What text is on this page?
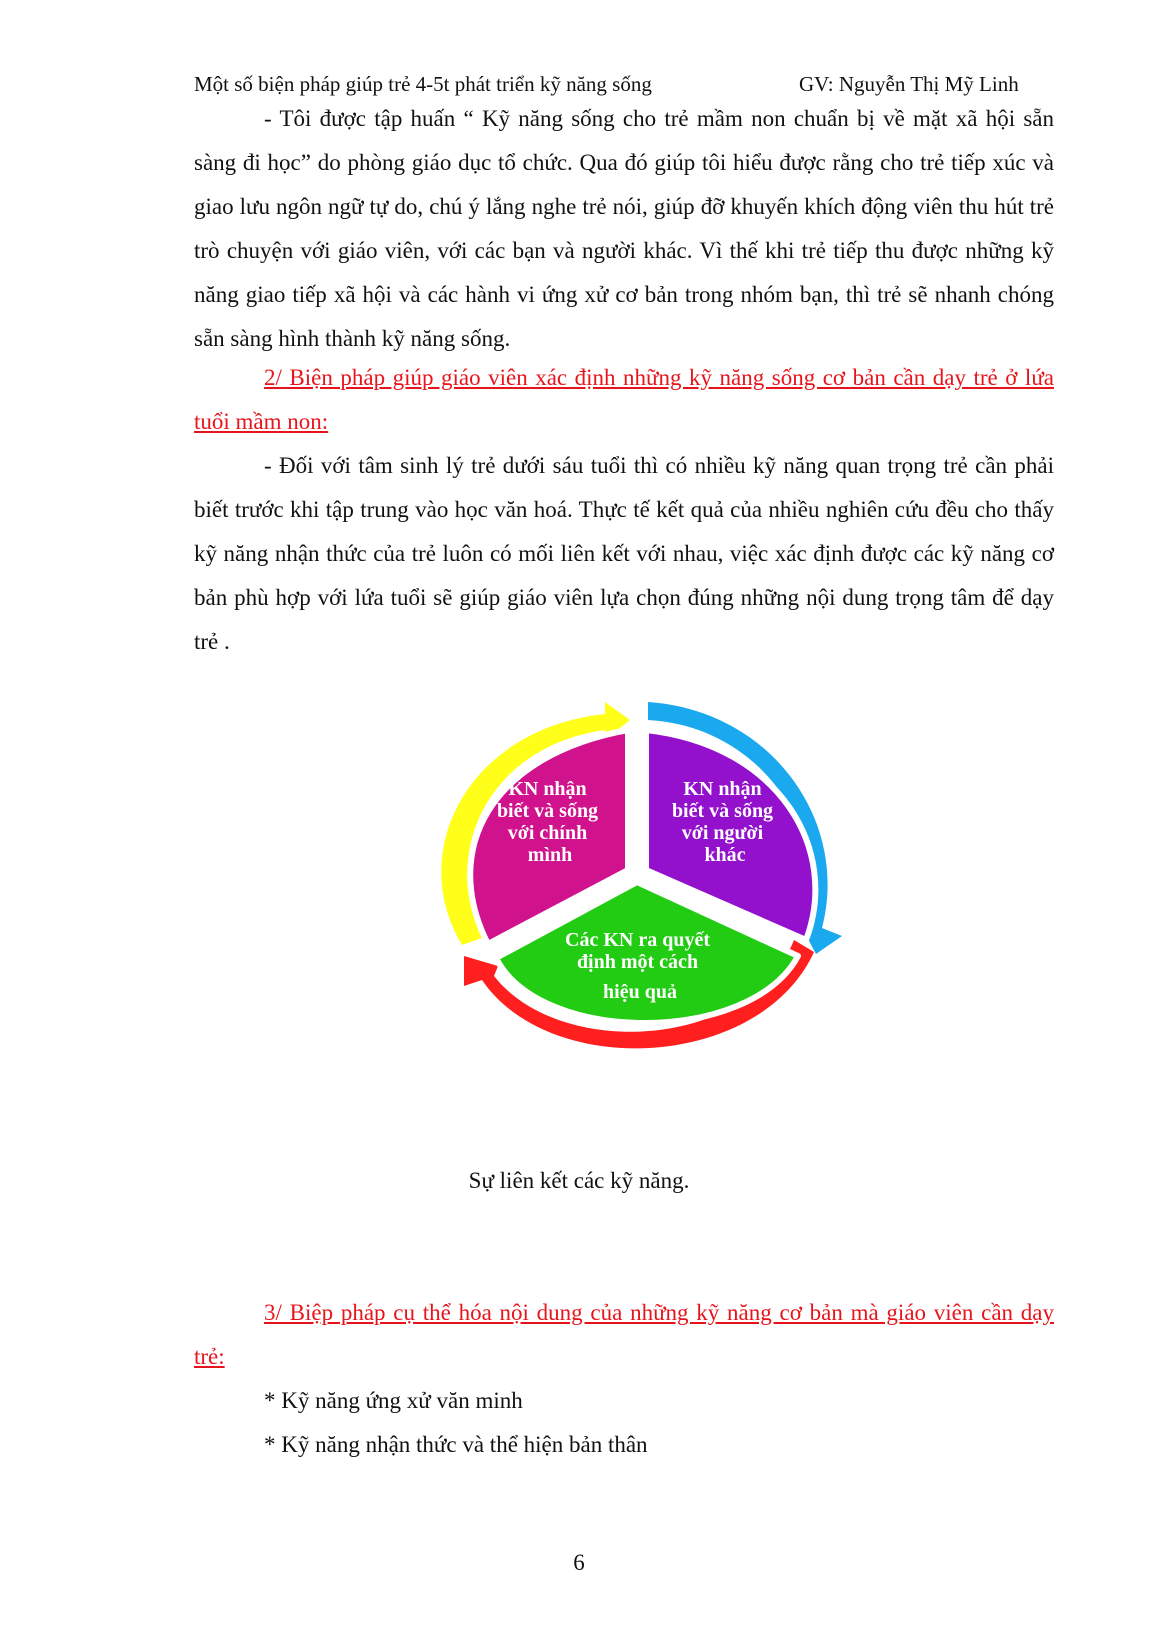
Một số biện pháp giúp trẻ 4-5t phát triển kỹ năng sống	GV: Nguyễn Thị Mỹ Linh
- Tôi được tập huấn “ Kỹ năng sống cho trẻ mầm non chuẩn bị về mặt xã hội sẵn sàng đi học” do phòng giáo dục tổ chức. Qua đó giúp tôi hiểu được rằng cho trẻ tiếp xúc và giao lưu ngôn ngữ tự do, chú ý lắng nghe trẻ nói, giúp đỡ khuyến khích động viên thu hút trẻ trò chuyện với giáo viên, với các bạn và người khác. Vì thế khi trẻ tiếp thu được những kỹ năng giao tiếp xã hội và các hành vi ứng xử cơ bản trong nhóm bạn, thì trẻ sẽ nhanh chóng sẵn sàng hình thành kỹ năng sống.
2/ Biện pháp giúp giáo viên xác định những kỹ năng sống cơ bản cần dạy trẻ ở lứa tuổi mầm non:
- Đối với tâm sinh lý trẻ dưới sáu tuổi thì có nhiều kỹ năng quan trọng trẻ cần phải biết trước khi tập trung vào học văn hoá. Thực tế kết quả của nhiều nghiên cứu đều cho thấy kỹ năng nhận thức của trẻ luôn có mối liên kết với nhau, việc xác định được các kỹ năng cơ bản phù hợp với lứa tuổi sẽ giúp giáo viên lựa chọn đúng những nội dung trọng tâm để dạy trẻ .
KN nhận biết và sống với chính mình
KN nhận biết và sống với người khác
Các KN ra quyết định một cách hiệu quả
Sự liên kết các kỹ năng.
3/ Biệp pháp cụ thể hóa nội dung của những kỹ năng cơ bản mà giáo viên cần dạy trẻ:
* Kỹ năng ứng xử văn minh
* Kỹ năng nhận thức và thể hiện bản thân
6
